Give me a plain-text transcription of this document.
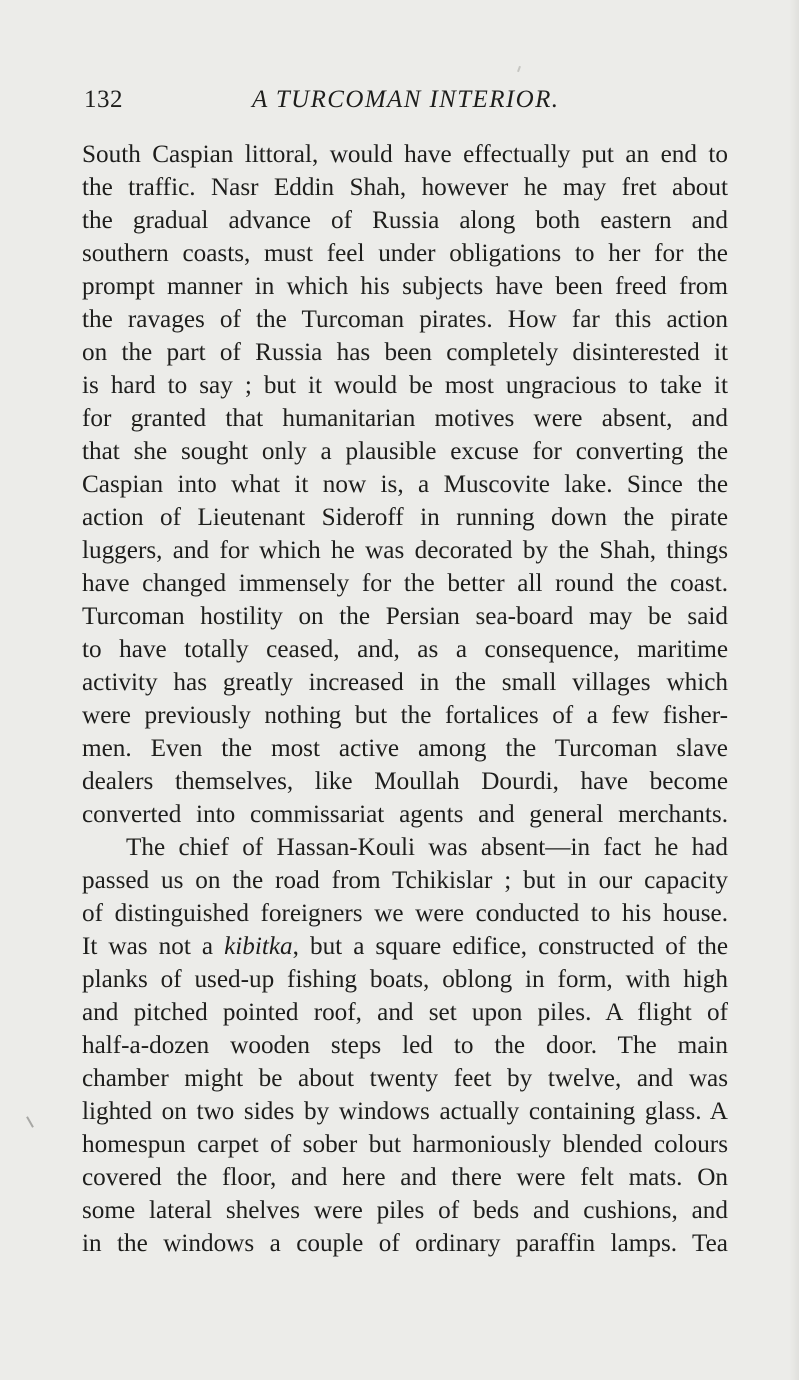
132	A TURCOMAN INTERIOR.
South Caspian littoral, would have effectually put an end to
the traffic. Nasr Eddin Shah, however he may fret about
the gradual advance of Russia along both eastern and
southern coasts, must feel under obligations to her for the
prompt manner in which his subjects have been freed from
the ravages of the Turcoman pirates. How far this action
on the part of Russia has been completely disinterested it
is hard to say ; but it would be most ungracious to take it
for granted that humanitarian motives were absent, and
that she sought only a plausible excuse for converting the
Caspian into what it now is, a Muscovite lake. Since the
action of Lieutenant Sideroff in running down the pirate
luggers, and for which he was decorated by the Shah, things
have changed immensely for the better all round the coast.
Turcoman hostility on the Persian sea-board may be said
to have totally ceased, and, as a consequence, maritime
activity has greatly increased in the small villages which
were previously nothing but the fortalices of a few fisher-
men. Even the most active among the Turcoman slave
dealers themselves, like Moullah Dourdi, have become
converted into commissariat agents and general merchants.
The chief of Hassan-Kouli was absent—in fact he had
passed us on the road from Tchikislar ; but in our capacity
of distinguished foreigners we were conducted to his house.
It was not a kibitka, but a square edifice, constructed of the
planks of used-up fishing boats, oblong in form, with high
and pitched pointed roof, and set upon piles. A flight of
half-a-dozen wooden steps led to the door. The main
chamber might be about twenty feet by twelve, and was
lighted on two sides by windows actually containing glass. A
homespun carpet of sober but harmoniously blended colours
covered the floor, and here and there were felt mats. On
some lateral shelves were piles of beds and cushions, and
in the windows a couple of ordinary paraffin lamps. Tea
